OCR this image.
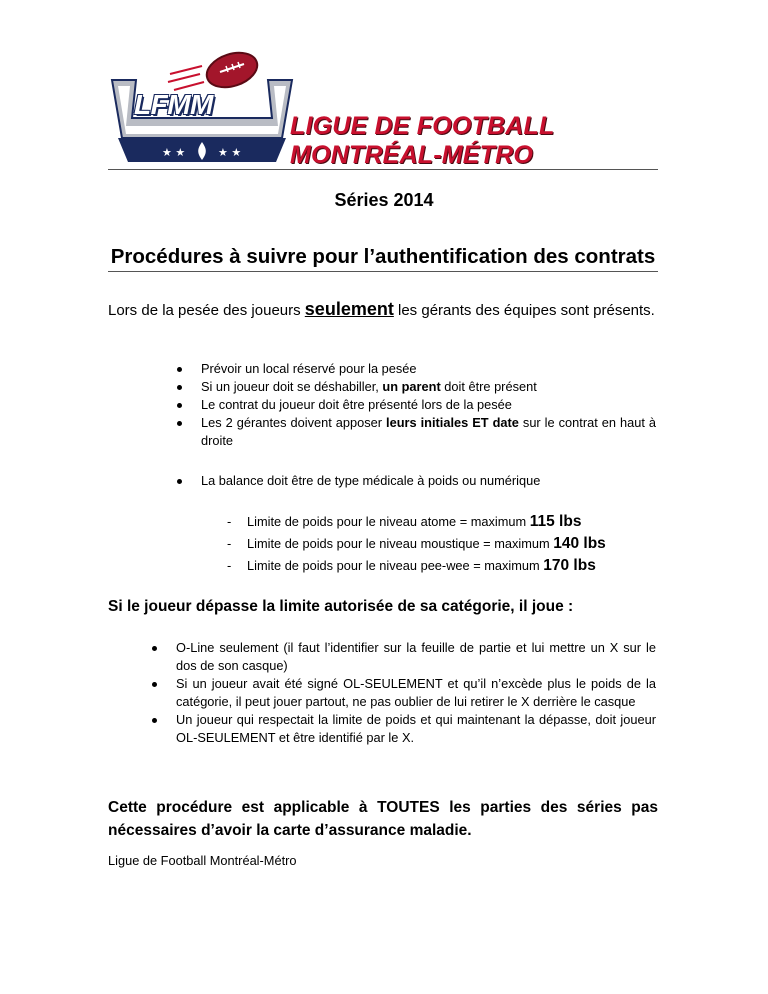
★ ★	★ ★
LFMM
LIGUE DE FOOTBALL
MONTRÉAL-MÉTRO
Séries 2014
Procédures à suivre pour l’authentification des contrats
Lors de la pesée des joueurs seulement les gérants des équipes sont présents.
Prévoir un local réservé pour la pesée
Si un joueur doit se déshabiller, un parent doit être présent
Le contrat du joueur doit être présenté lors de la pesée
Les 2 gérantes doivent apposer leurs initiales ET date sur le contrat en haut à droite
La balance doit être de type médicale à poids ou numérique
- Limite de poids pour le niveau atome = maximum 115 lbs
- Limite de poids pour le niveau moustique = maximum 140 lbs
- Limite de poids pour le niveau pee-wee = maximum 170 lbs
Si le joueur dépasse la limite autorisée de sa catégorie, il joue :
O-Line seulement (il faut l’identifier sur la feuille de partie et lui mettre un X sur le dos de son casque)
Si un joueur avait été signé OL-SEULEMENT et qu’il n’excède plus le poids de la catégorie, il peut jouer partout, ne pas oublier de lui retirer le X derrière le casque
Un joueur qui respectait la limite de poids et qui maintenant la dépasse, doit joueur OL-SEULEMENT et être identifié par le X.
Cette procédure est applicable à TOUTES les parties des séries pas nécessaires d’avoir la carte d’assurance maladie.
Ligue de Football Montréal-Métro
